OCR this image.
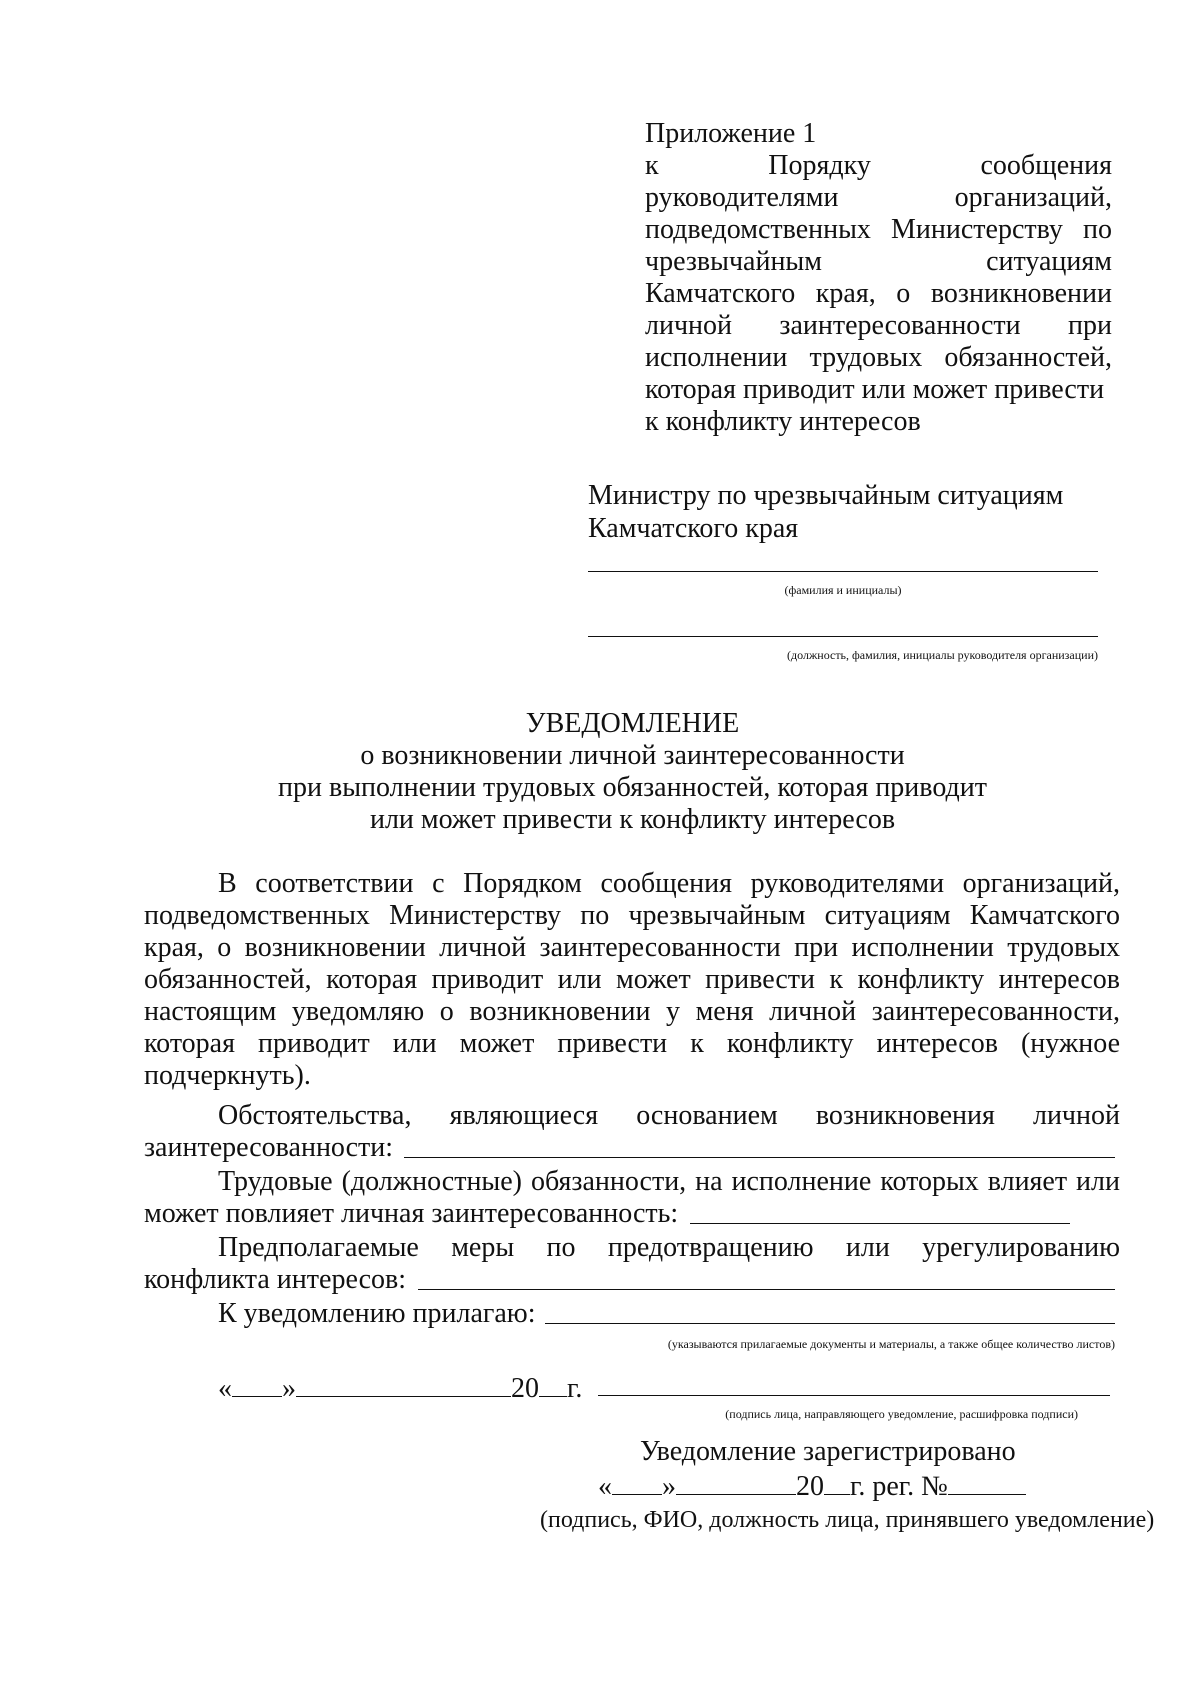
Приложение 1
к Порядку сообщения
руководителями организаций,
подведомственных Министерству по
чрезвычайным ситуациям
Камчатского края, о возникновении
личной заинтересованности при
исполнении трудовых обязанностей,
которая приводит или может привести
к конфликту интересов
Министру по чрезвычайным ситуациям
Камчатского края
(фамилия и инициалы)
(должность, фамилия, инициалы руководителя организации)
УВЕДОМЛЕНИЕ
о возникновении личной заинтересованности
при выполнении трудовых обязанностей, которая приводит
или может привести к конфликту интересов
В соответствии с Порядком сообщения руководителями организаций,
подведомственных Министерству по чрезвычайным ситуациям Камчатского
края, о возникновении личной заинтересованности при исполнении трудовых
обязанностей, которая приводит или может привести к конфликту интересов
настоящим уведомляю о возникновении у меня личной заинтересованности,
которая приводит или может привести к конфликту интересов (нужное
подчеркнуть).
Обстоятельства, являющиеся основанием возникновения личной
заинтересованности:
Трудовые (должностные) обязанности, на исполнение которых влияет или
может повлияет личная заинтересованность:
Предполагаемые меры по предотвращению или урегулированию
конфликта интересов:
К уведомлению прилагаю:
(указываются прилагаемые документы и материалы, а также общее количество листов)
« »	20 г.
(подпись лица, направляющего уведомление, расшифровка подписи)
Уведомление зарегистрировано
« »	20 г. рег. №
(подпись, ФИО, должность лица, принявшего уведомление)
